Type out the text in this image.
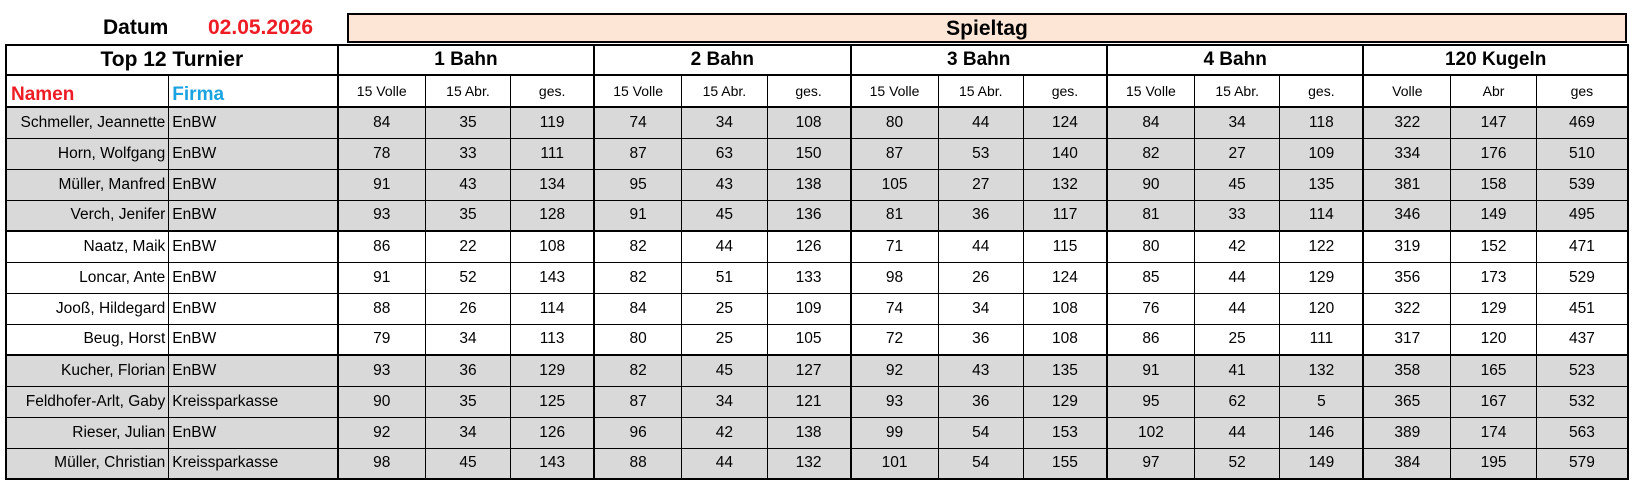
Datum 02.05.2026	Spieltag
Top 12 Turnier		1 Bahn			2 Bahn			3 Bahn			4 Bahn			120 Kugeln		
Namen	Firma	15 Volle	15 Abr.	ges.	15 Volle	15 Abr.	ges.	15 Volle	15 Abr.	ges.	15 Volle	15 Abr.	ges.	Volle	Abr	ges
Schmeller, Jeannette	EnBW	84	35	119	74	34	108	80	44	124	84	34	118	322	147	469
Horn, Wolfgang	EnBW	78	33	111	87	63	150	87	53	140	82	27	109	334	176	510
Müller, Manfred	EnBW	91	43	134	95	43	138	105	27	132	90	45	135	381	158	539
Verch, Jenifer	EnBW	93	35	128	91	45	136	81	36	117	81	33	114	346	149	495
Naatz, Maik	EnBW	86	22	108	82	44	126	71	44	115	80	42	122	319	152	471
Loncar, Ante	EnBW	91	52	143	82	51	133	98	26	124	85	44	129	356	173	529
Jooß, Hildegard	EnBW	88	26	114	84	25	109	74	34	108	76	44	120	322	129	451
Beug, Horst	EnBW	79	34	113	80	25	105	72	36	108	86	25	111	317	120	437
Kucher, Florian	EnBW	93	36	129	82	45	127	92	43	135	91	41	132	358	165	523
Feldhofer-Arlt, Gaby	Kreissparkasse	90	35	125	87	34	121	93	36	129	95	62	5	365	167	532
Rieser, Julian	EnBW	92	34	126	96	42	138	99	54	153	102	44	146	389	174	563
Müller, Christian	Kreissparkasse	98	45	143	88	44	132	101	54	155	97	52	149	384	195	579
